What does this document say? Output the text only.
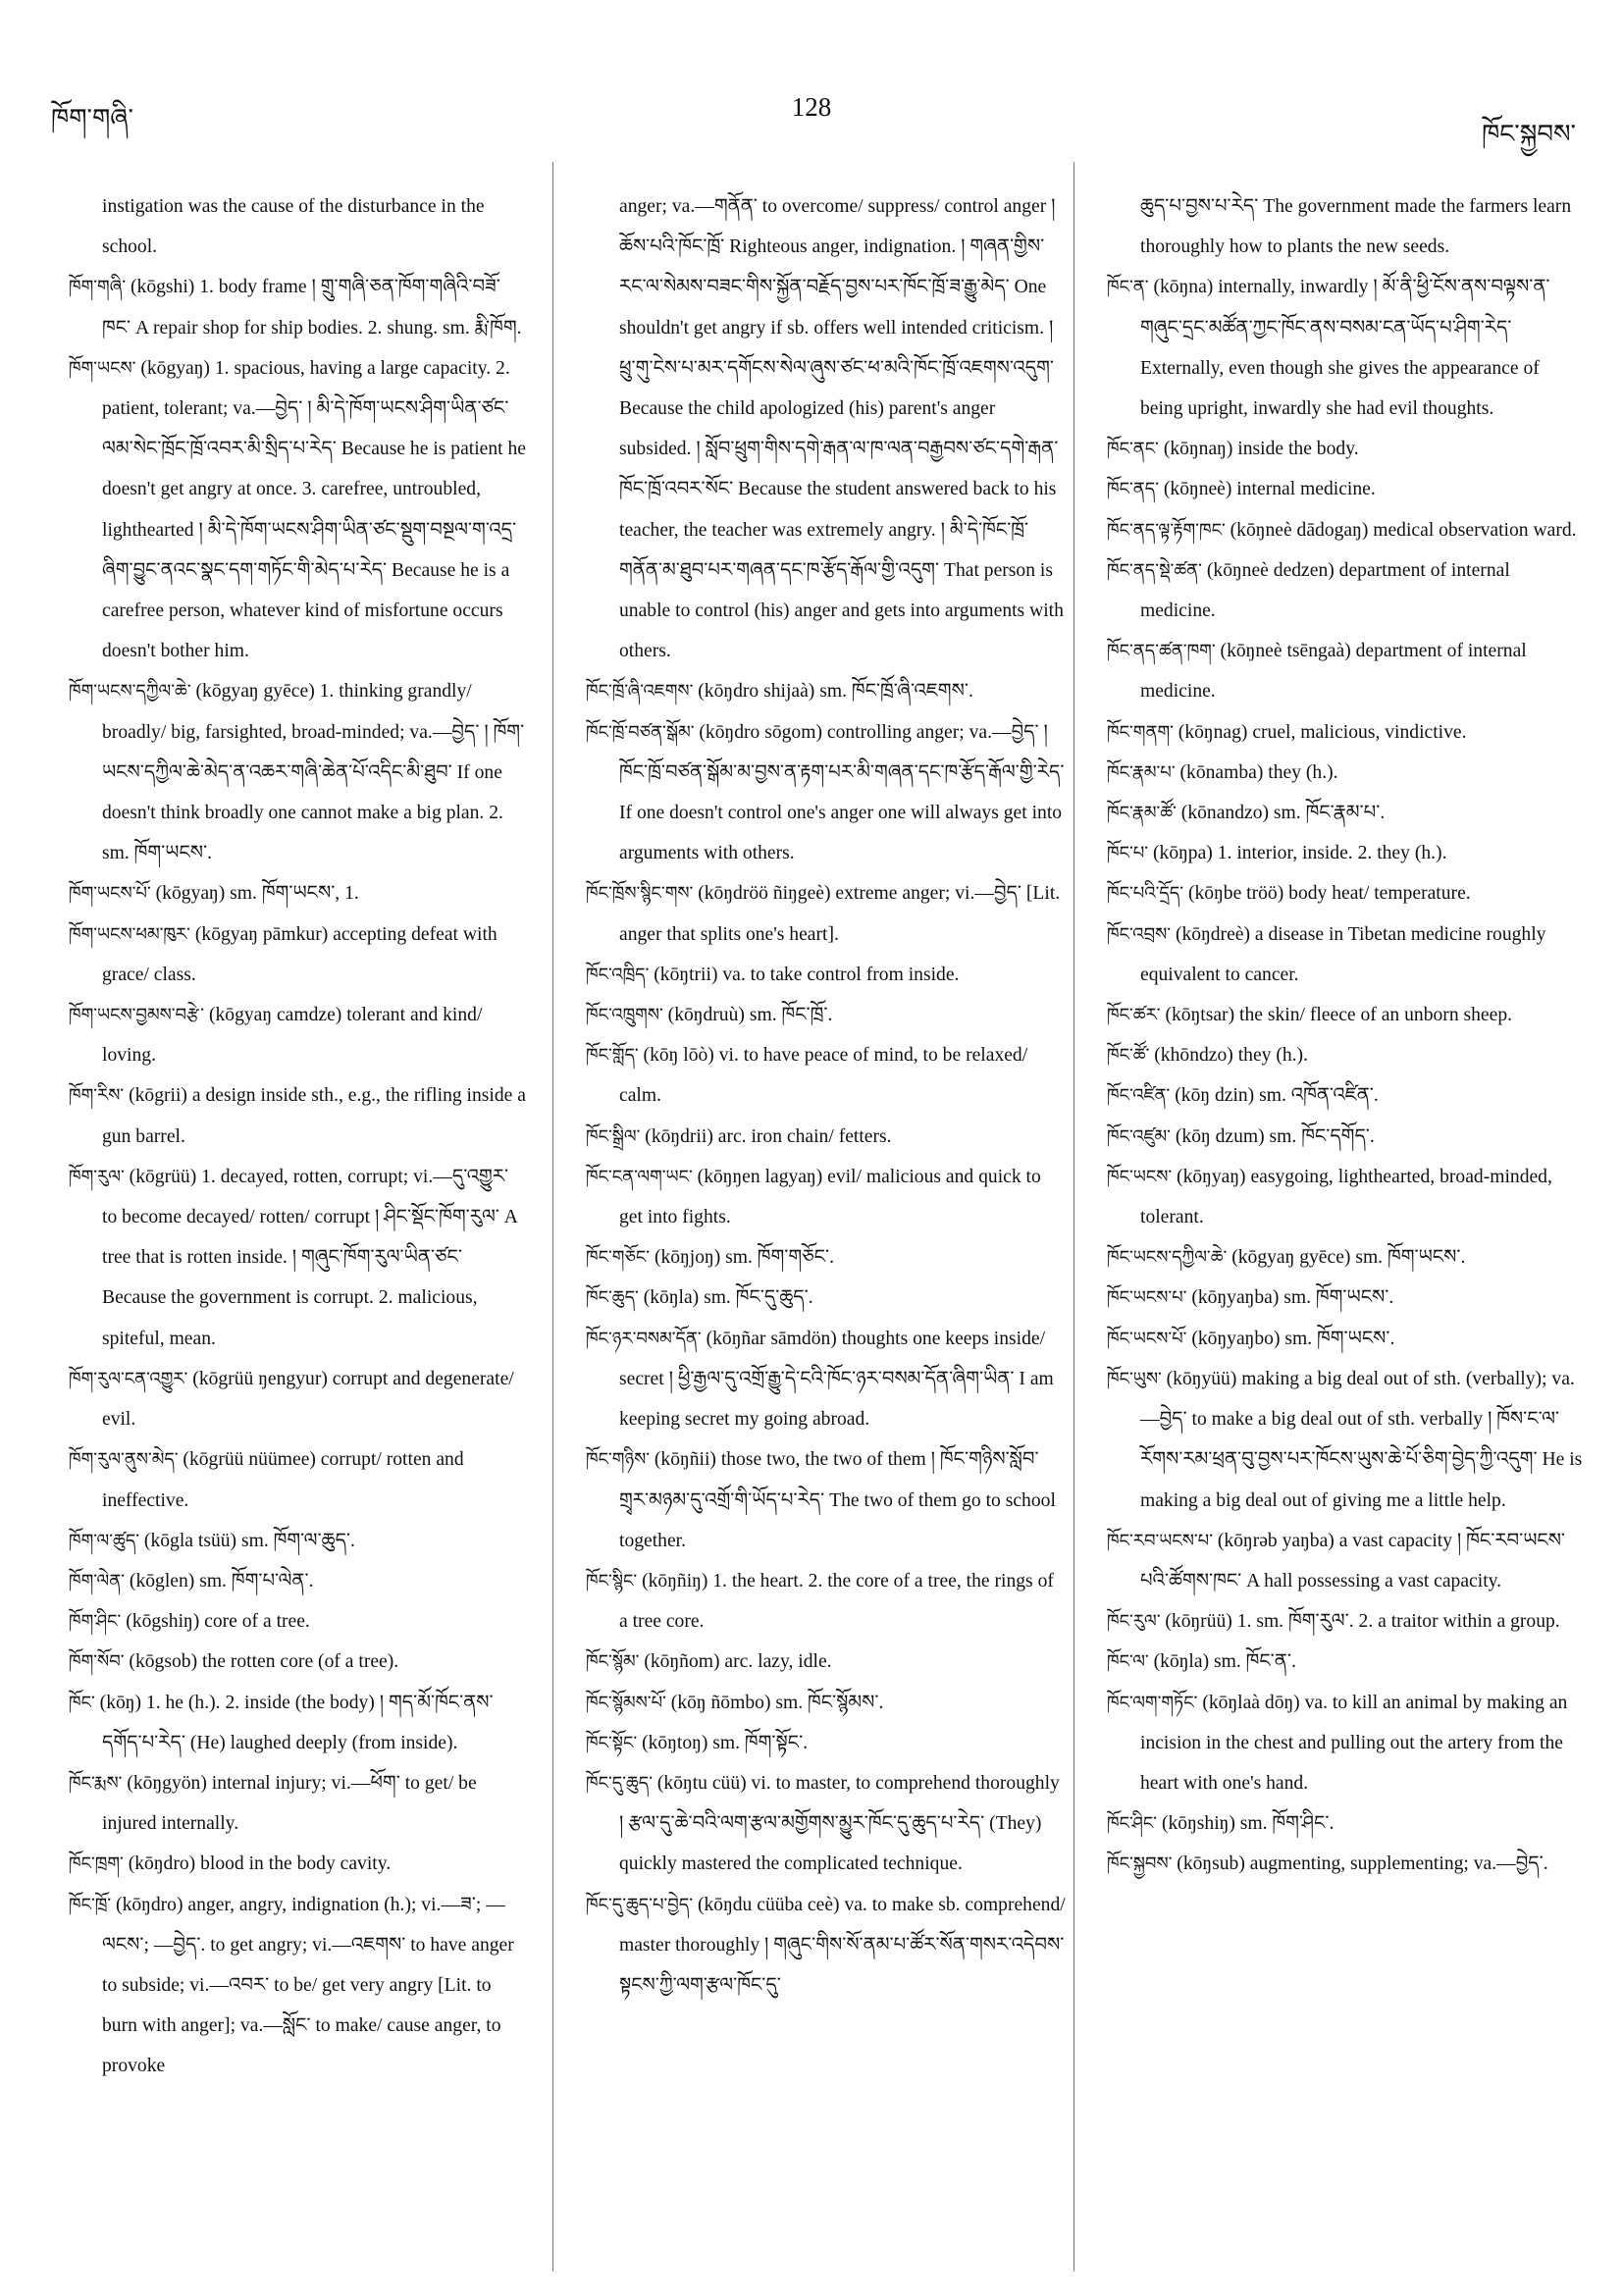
ཁོག་གཞི་	128
ཁོང་སྐྱབས་

instigation was the cause of the disturbance in the school.

ཁོག་གཞི་ (kōgshi) 1. body frame ། གྲུ་གཞི་ཅན་ཁོག་གཞིའི་བཟོ་ཁང་ A repair shop for ship bodies. 2. shung. sm. རྨི་ཁོག.

ཁོག་ཡངས་ (kōgyaŋ) 1. spacious, having a large capacity. 2. patient, tolerant; va.—བྱེད་ ། མི་དེ་ཁོག་ཡངས་ཤིག་ཡིན་ཙང་ལམ་སེང་ཁྲོང་ཁྲོ་འབར་མི་སྲིད་པ་རེད་ Because he is patient he doesn't get angry at once. 3. carefree, untroubled, lighthearted ། མི་དེ་ཁོག་ཡངས་ཤིག་ཡིན་ཙང་སྡུག་བསྔལ་ག་འདྲ་ཞིག་བྱུང་ནའང་སྣང་དག་གཏོང་གི་མེད་པ་རེད་ Because he is a carefree person, whatever kind of misfortune occurs doesn't bother him.

ཁོག་ཡངས་དཀྱིལ་ཆེ་ (kōgyaŋ gyēce) 1. thinking grandly/ broadly/ big, farsighted, broad-minded; va.—བྱེད་ ། ཁོག་ཡངས་དཀྱིལ་ཆེ་མེད་ན་འཆར་གཞི་ཆེན་པོ་འདིང་མི་ཐུབ་ If one doesn't think broadly one cannot make a big plan. 2. sm. ཁོག་ཡངས་.

ཁོག་ཡངས་པོ་ (kōgyaŋ) sm. ཁོག་ཡངས་, 1.

ཁོག་ཡངས་ཕམ་ཁུར་ (kōgyaŋ pāmkur) accepting defeat with grace/ class.

ཁོག་ཡངས་བྱམས་བརྩེ་ (kōgyaŋ camdze) tolerant and kind/ loving.

ཁོག་རིས་ (kōgrii) a design inside sth., e.g., the rifling inside a gun barrel.

ཁོག་རུལ་ (kōgrüü) 1. decayed, rotten, corrupt; vi.—དུ་འགྱུར་ to become decayed/ rotten/ corrupt ། ཤིང་སྡོང་ཁོག་རུལ་ A tree that is rotten inside. ། གཞུང་ཁོག་རུལ་ཡིན་ཙང་ Because the government is corrupt. 2. malicious, spiteful, mean.

ཁོག་རུལ་ངན་འགྱུར་ (kōgrüü ŋengyur) corrupt and degenerate/ evil.

ཁོག་རུལ་ནུས་མེད་ (kōgrüü nüümee) corrupt/ rotten and ineffective.

ཁོག་ལ་ཚུད་ (kōgla tsüü) sm. ཁོག་ལ་ཆུད་.

ཁོག་ལེན་ (kōglen) sm. ཁོག་པ་ལེན་.

ཁོག་ཤིང་ (kōgshiŋ) core of a tree.

ཁོག་སོབ་ (kōgsob) the rotten core (of a tree).

ཁོང་ (kōŋ) 1. he (h.). 2. inside (the body) ། གད་མོ་ཁོང་ནས་དགོད་པ་རེད་ (He) laughed deeply (from inside).

ཁོང་རྨས་ (kōŋgyön) internal injury; vi.—ཕོག་ to get/ be injured internally.

ཁོང་ཁྲག་ (kōŋdro) blood in the body cavity.

ཁོང་ཁྲོ་ (kōŋdro) anger, angry, indignation (h.); vi.—ཟ་; —ལངས་; —བྱེད་. to get angry; vi.—འཇགས་ to have anger to subside; vi.—འབར་ to be/ get very angry [Lit. to burn with anger]; va.—སློང་ to make/ cause anger, to provoke

anger; va.—གནོན་ to overcome/ suppress/ control anger ། ཆོས་པའི་ཁོང་ཁྲོ་ Righteous anger, indignation. ། གཞན་གྱིས་རང་ལ་སེམས་བཟང་གིས་སྐྱོན་བརྗོད་བྱས་པར་ཁོང་ཁྲོ་ཟ་རྒྱུ་མེད་ One shouldn't get angry if sb. offers well intended criticism. ། ཕྲུ་གུ་ངེས་པ་མར་དགོངས་སེལ་ཞུས་ཙང་ཕ་མའི་ཁོང་ཁྲོ་འཇགས་འདུག་ Because the child apologized (his) parent's anger subsided. ། སློབ་ཕྲུག་གིས་དགེ་རྒན་ལ་ཁ་ལན་བརྒྱབས་ཙང་དགེ་རྒན་ཁོང་ཁྲོ་འབར་སོང་ Because the student answered back to his teacher, the teacher was extremely angry. ། མི་དེ་ཁོང་ཁྲོ་གནོན་མ་ཐུབ་པར་གཞན་དང་ཁ་རྩོད་རྒོལ་གྱི་འདུག་ That person is unable to control (his) anger and gets into arguments with others.

ཁོང་ཁྲོ་ཞི་འཇགས་ (kōŋdro shijaà) sm. ཁོང་ཁྲོ་ཞི་འཇགས་.

ཁོང་ཁྲོ་བཙན་སྒོམ་ (kōŋdro sōgom) controlling anger; va.—བྱེད་ ། ཁོང་ཁྲོ་བཙན་སྒོམ་མ་བྱས་ན་རྟག་པར་མི་གཞན་དང་ཁ་རྩོད་རྒོལ་གྱི་རེད་ If one doesn't control one's anger one will always get into arguments with others.

ཁོང་ཁྲོས་སྙིང་གས་ (kōŋdröö ñiŋgeè) extreme anger; vi.—བྱེད་ [Lit. anger that splits one's heart].

ཁོང་འཁྲིད་ (kōŋtrii) va. to take control from inside.

ཁོང་འཁྲུགས་ (kōŋdruù) sm. ཁོང་ཁྲོ་.

ཁོང་གློད་ (kōŋ lōò) vi. to have peace of mind, to be relaxed/ calm.

ཁོང་སྒྲིལ་ (kōŋdrii) arc. iron chain/ fetters.

ཁོང་ངན་ལག་ཡང་ (kōŋŋen lagyaŋ) evil/ malicious and quick to get into fights.

ཁོང་གཅོང་ (kōŋjoŋ) sm. ཁོག་གཅོང་.

ཁོང་ཆུད་ (kōŋla) sm. ཁོང་དུ་ཆུད་.

ཁོང་ཉར་བསམ་དོན་ (kōŋñar sāmdön) thoughts one keeps inside/ secret ། ཕྱི་རྒྱལ་དུ་འགྲོ་རྒྱུ་དེ་ངའི་ཁོང་ཉར་བསམ་དོན་ཞིག་ཡིན་ I am keeping secret my going abroad.

ཁོང་གཉིས་ (kōŋñii) those two, the two of them ། ཁོང་གཉིས་སློབ་གྲྭར་མཉམ་དུ་འགྲོ་གི་ཡོད་པ་རེད་ The two of them go to school together.

ཁོང་སྙིང་ (kōŋñiŋ) 1. the heart. 2. the core of a tree, the rings of a tree core.

ཁོང་སྙོམ་ (kōŋñom) arc. lazy, idle.

ཁོང་སྙོམས་པོ་ (kōŋ ñōmbo) sm. ཁོང་སྙོམས་.

ཁོང་སྟོང་ (kōŋtoŋ) sm. ཁོག་སྟོང་.

ཁོང་དུ་ཆུད་ (kōŋtu cüü) vi. to master, to comprehend thoroughly ། རྩལ་དུ་ཆེ་བའི་ལག་རྩལ་མགྱོགས་མྱུར་ཁོང་དུ་ཆུད་པ་རེད་ (They) quickly mastered the complicated technique.

ཁོང་དུ་ཆུད་པ་བྱེད་ (kōŋdu cüüba ceè) va. to make sb. comprehend/ master thoroughly ། གཞུང་གིས་སོ་ནམ་པ་ཚོར་སོན་གསར་འདེབས་སྟངས་ཀྱི་ལག་རྩལ་ཁོང་དུ་

ཆུད་པ་བྱས་པ་རེད་ The government made the farmers learn thoroughly how to plants the new seeds.

ཁོང་ན་ (kōŋna) internally, inwardly ། མོ་ནི་ཕྱི་ངོས་ནས་བལྟས་ན་གཞུང་དྲང་མཚོན་ཀྱང་ཁོང་ནས་བསམ་ངན་ཡོད་པ་ཤིག་རེད་ Externally, even though she gives the appearance of being upright, inwardly she had evil thoughts.

ཁོང་ནང་ (kōŋnaŋ) inside the body.

ཁོང་ནད་ (kōŋneè) internal medicine.

ཁོང་ནད་ལྟ་རྟོག་ཁང་ (kōŋneè dādogaŋ) medical observation ward.

ཁོང་ནད་སྡེ་ཚན་ (kōŋneè dedzen) department of internal medicine.

ཁོང་ནད་ཚན་ཁག་ (kōŋneè tsēngaà) department of internal medicine.

ཁོང་གནག་ (kōŋnag) cruel, malicious, vindictive.

ཁོང་རྣམ་པ་ (kōnamba) they (h.).

ཁོང་རྣམ་ཚོ་ (kōnandzo) sm. ཁོང་རྣམ་པ་.

ཁོང་པ་ (kōŋpa) 1. interior, inside. 2. they (h.).

ཁོང་པའི་དྲོད་ (kōŋbe tröö) body heat/ temperature.

ཁོང་འབྲས་ (kōŋdreè) a disease in Tibetan medicine roughly equivalent to cancer.

ཁོང་ཚར་ (kōŋtsar) the skin/ fleece of an unborn sheep.

ཁོང་ཚོ་ (khōndzo) they (h.).

ཁོང་འཛིན་ (kōŋ dzin) sm. འཁོན་འཛིན་.

ཁོང་འཛུམ་ (kōŋ dzum) sm. ཁོང་དགོད་.

ཁོང་ཡངས་ (kōŋyaŋ) easygoing, lighthearted, broad-minded, tolerant.

ཁོང་ཡངས་དཀྱིལ་ཆེ་ (kōgyaŋ gyēce) sm. ཁོག་ཡངས་.

ཁོང་ཡངས་པ་ (kōŋyaŋba) sm. ཁོག་ཡངས་.

ཁོང་ཡངས་པོ་ (kōŋyaŋbo) sm. ཁོག་ཡངས་.

ཁོང་ཡུས་ (kōŋyüü) making a big deal out of sth. (verbally); va.—བྱེད་ to make a big deal out of sth. verbally ། ཁོས་ང་ལ་རོགས་རམ་ཕྲན་བུ་བྱས་པར་ཁོངས་ཡུས་ཆེ་པོ་ཅིག་བྱེད་ཀྱི་འདུག་ He is making a big deal out of giving me a little help.

ཁོང་རབ་ཡངས་པ་ (kōŋrəb yaŋba) a vast capacity ། ཁོང་རབ་ཡངས་པའི་ཚོགས་ཁང་ A hall possessing a vast capacity.

ཁོང་རུལ་ (kōŋrüü) 1. sm. ཁོག་རུལ་. 2. a traitor within a group.

ཁོང་ལ་ (kōŋla) sm. ཁོང་ན་.

ཁོང་ལག་གཏོང་ (kōŋlaà dōŋ) va. to kill an animal by making an incision in the chest and pulling out the artery from the heart with one's hand.

ཁོང་ཤིང་ (kōŋshiŋ) sm. ཁོག་ཤིང་.

ཁོང་སྐྱབས་ (kōŋsub) augmenting, supplementing; va.—བྱེད་.
